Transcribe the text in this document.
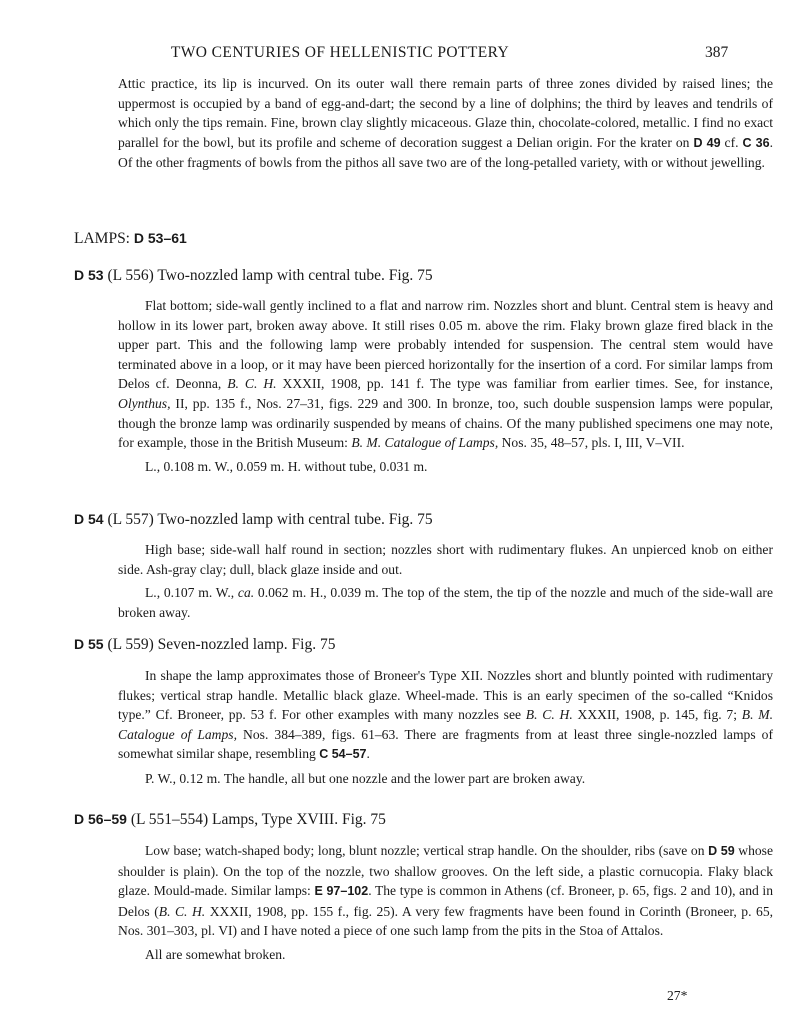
TWO CENTURIES OF HELLENISTIC POTTERY	387

Attic practice, its lip is incurved. On its outer wall there remain parts of three zones divided by raised lines; the uppermost is occupied by a band of egg-and-dart; the second by a line of dolphins; the third by leaves and tendrils of which only the tips remain. Fine, brown clay slightly micaceous. Glaze thin, chocolate-colored, metallic. I find no exact parallel for the bowl, but its profile and scheme of decoration suggest a Delian origin. For the krater on D 49 cf. C 36. Of the other fragments of bowls from the pithos all save two are of the long-petalled variety, with or without jewelling.

LAMPS: D 53–61
D 53 (L 556) Two-nozzled lamp with central tube. Fig. 75

Flat bottom; side-wall gently inclined to a flat and narrow rim. Nozzles short and blunt. Central stem is heavy and hollow in its lower part, broken away above. It still rises 0.05 m. above the rim. Flaky brown glaze fired black in the upper part. This and the following lamp were probably intended for suspension. The central stem would have terminated above in a loop, or it may have been pierced horizontally for the insertion of a cord. For similar lamps from Delos cf. Deonna, B. C. H. XXXII, 1908, pp. 141 f. The type was familiar from earlier times. See, for instance, Olynthus, II, pp. 135 f., Nos. 27–31, figs. 229 and 300. In bronze, too, such double suspension lamps were popular, though the bronze lamp was ordinarily suspended by means of chains. Of the many published specimens one may note, for example, those in the British Museum: B. M. Catalogue of Lamps, Nos. 35, 48–57, pls. I, III, V–VII.

L., 0.108 m. W., 0.059 m. H. without tube, 0.031 m.

D 54 (L 557) Two-nozzled lamp with central tube. Fig. 75

High base; side-wall half round in section; nozzles short with rudimentary flukes. An unpierced knob on either side. Ash-gray clay; dull, black glaze inside and out.

L., 0.107 m. W., ca. 0.062 m. H., 0.039 m. The top of the stem, the tip of the nozzle and much of the side-wall are broken away.

D 55 (L 559) Seven-nozzled lamp. Fig. 75

In shape the lamp approximates those of Broneer's Type XII. Nozzles short and bluntly pointed with rudimentary flukes; vertical strap handle. Metallic black glaze. Wheel-made. This is an early specimen of the so-called “Knidos type.” Cf. Broneer, pp. 53 f. For other examples with many nozzles see B. C. H. XXXII, 1908, p. 145, fig. 7; B. M. Catalogue of Lamps, Nos. 384–389, figs. 61–63. There are fragments from at least three single-nozzled lamps of somewhat similar shape, resembling C 54–57.

P. W., 0.12 m. The handle, all but one nozzle and the lower part are broken away.

D 56–59 (L 551–554) Lamps, Type XVIII. Fig. 75

Low base; watch-shaped body; long, blunt nozzle; vertical strap handle. On the shoulder, ribs (save on D 59 whose shoulder is plain). On the top of the nozzle, two shallow grooves. On the left side, a plastic cornucopia. Flaky black glaze. Mould-made. Similar lamps: E 97–102. The type is common in Athens (cf. Broneer, p. 65, figs. 2 and 10), and in Delos (B. C. H. XXXII, 1908, pp. 155 f., fig. 25). A very few fragments have been found in Corinth (Broneer, p. 65, Nos. 301–303, pl. VI) and I have noted a piece of one such lamp from the pits in the Stoa of Attalos.

All are somewhat broken.

27*
